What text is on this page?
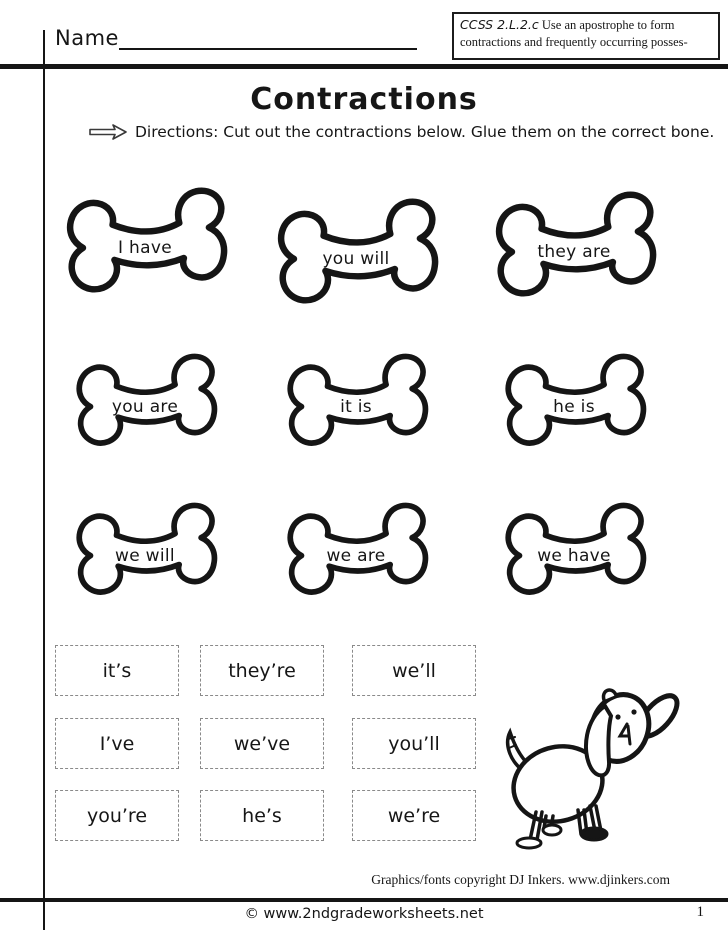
Name
CCSS 2.L.2.c Use an apostrophe to form contractions and frequently occurring posses-
Contractions
Directions: Cut out the contractions below. Glue them on the correct bone.
I have
you will	they are
you are	it is	he is
we will	we are	we have
it’s	they’re	we’ll
I’ve	we’ve	you’ll
you’re	he’s	we’re
Graphics/fonts copyright DJ Inkers. www.djinkers.com
© www.2ndgradeworksheets.net	1
